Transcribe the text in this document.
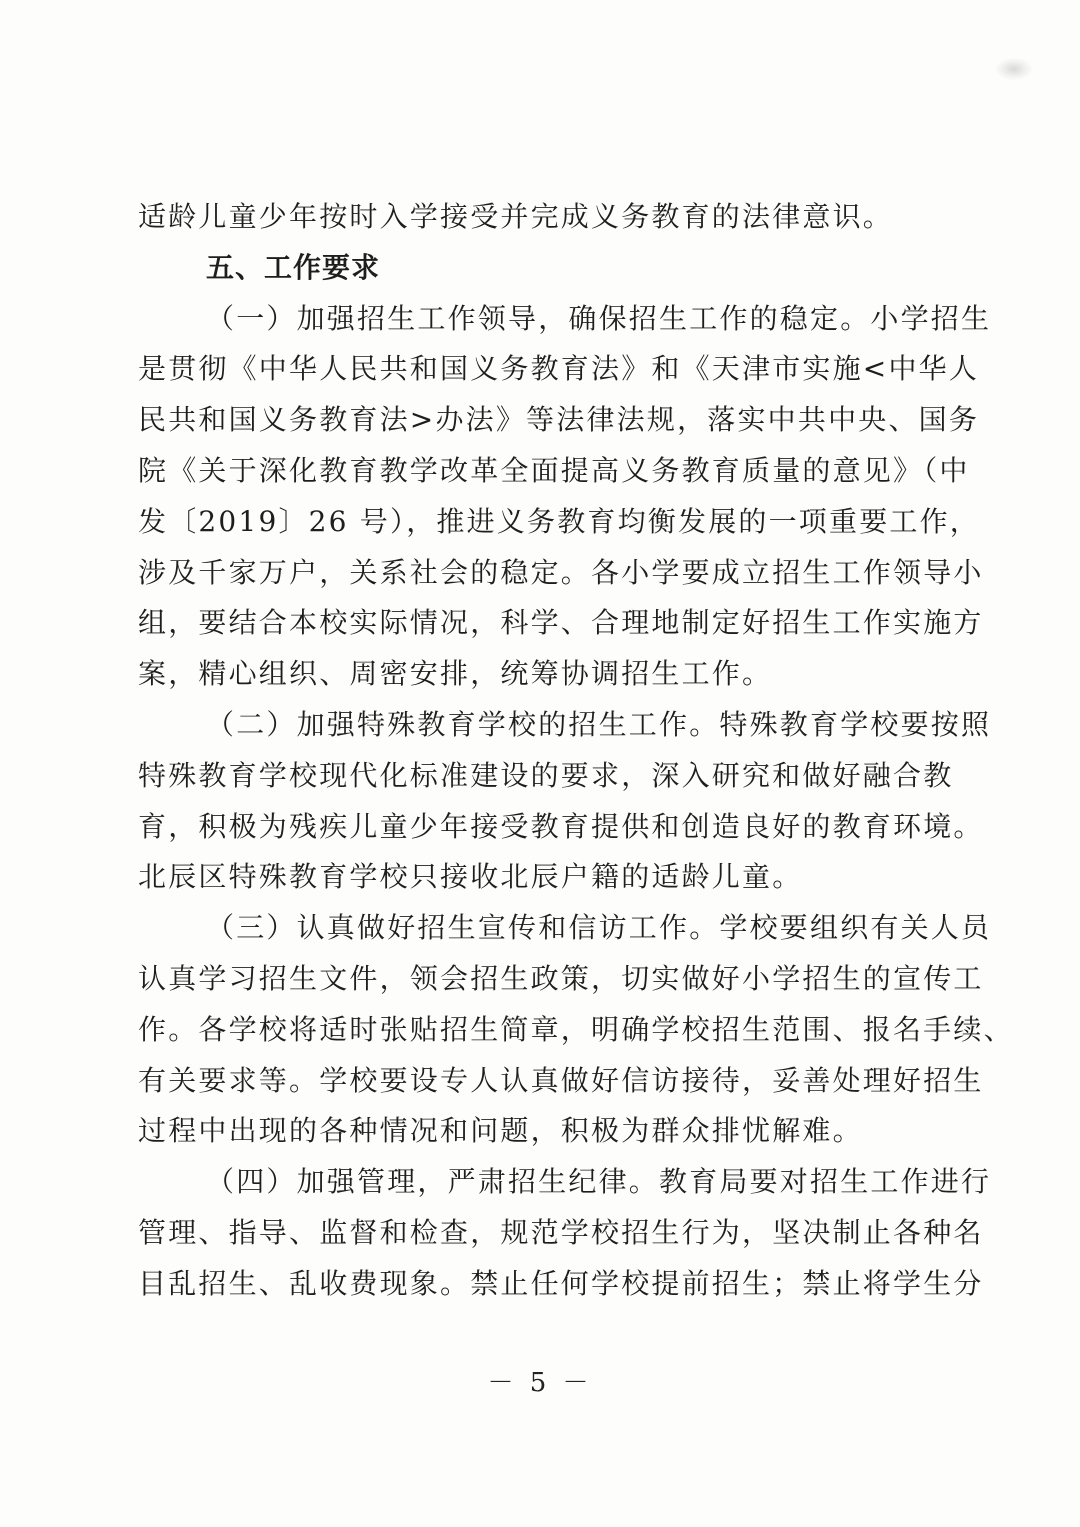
适龄儿童少年按时入学接受并完成义务教育的法律意识。
五、工作要求
（一）加强招生工作领导，确保招生工作的稳定。小学招生
是贯彻《中华人民共和国义务教育法》和《天津市实施<中华人
民共和国义务教育法>办法》等法律法规，落实中共中央、国务
院《关于深化教育教学改革全面提高义务教育质量的意见》（中
发〔2019〕26 号），推进义务教育均衡发展的一项重要工作，
涉及千家万户，关系社会的稳定。各小学要成立招生工作领导小
组，要结合本校实际情况，科学、合理地制定好招生工作实施方
案，精心组织、周密安排，统筹协调招生工作。
（二）加强特殊教育学校的招生工作。特殊教育学校要按照
特殊教育学校现代化标准建设的要求，深入研究和做好融合教
育，积极为残疾儿童少年接受教育提供和创造良好的教育环境。
北辰区特殊教育学校只接收北辰户籍的适龄儿童。
（三）认真做好招生宣传和信访工作。学校要组织有关人员
认真学习招生文件，领会招生政策，切实做好小学招生的宣传工
作。各学校将适时张贴招生简章，明确学校招生范围、报名手续、
有关要求等。学校要设专人认真做好信访接待，妥善处理好招生
过程中出现的各种情况和问题，积极为群众排忧解难。
（四）加强管理，严肃招生纪律。教育局要对招生工作进行
管理、指导、监督和检查，规范学校招生行为，坚决制止各种名
目乱招生、乱收费现象。禁止任何学校提前招生；禁止将学生分
－ 5 －
